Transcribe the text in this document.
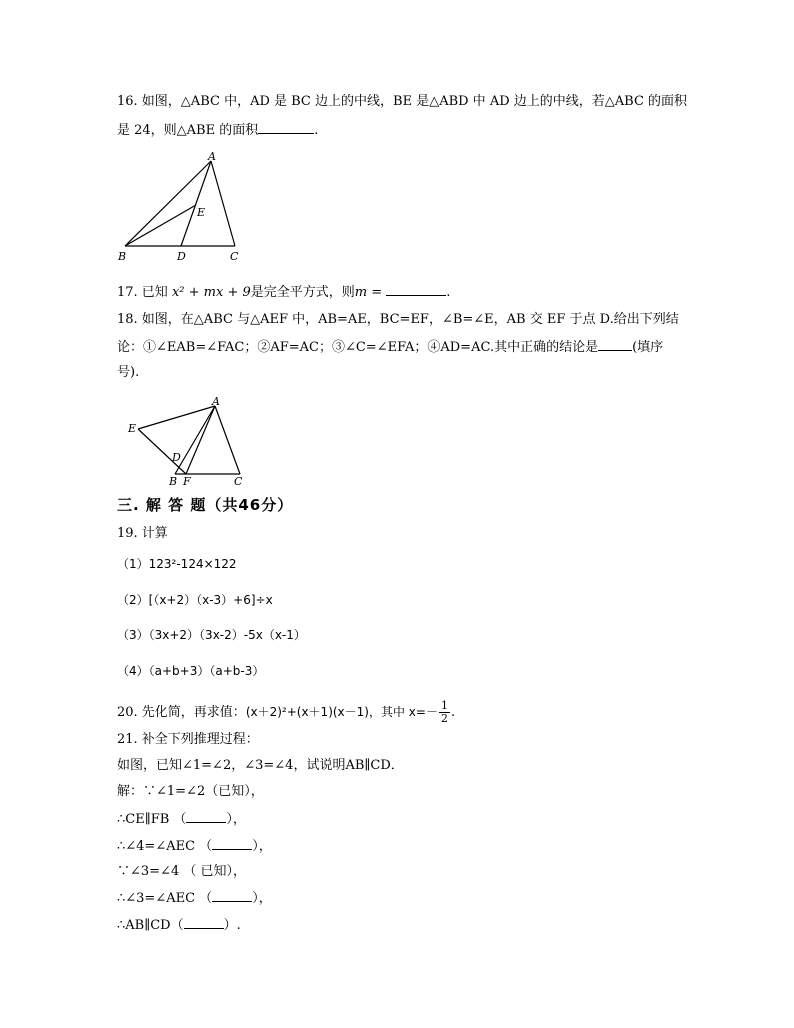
16. 如图，△ABC 中，AD 是 BC 边上的中线，BE 是△ABD 中 AD 边上的中线，若△ABC 的面积
是 24，则△ABE 的面积	.
A
B	C
D
E
17. 已知 x² + mx + 9是完全平方式，则m =	.
18. 如图，在△ABC 与△AEF 中，AB=AE，BC=EF，∠B=∠E，AB 交 EF 于点 D.给出下列结
论：①∠EAB=∠FAC；②AF=AC；③∠C=∠EFA；④AD=AC.其中正确的结论是	(填序
号).
A
E
D
B F	C
三. 解 答 题（共46分）
19. 计算
（1）123²-124×122
（2）[（x+2）（x-3）+6]÷x
（3）（3x+2）（3x-2）-5x（x-1）
（4）（a+b+3）（a+b-3）
20. 先化简，再求值：(x＋2)²+(x＋1)(x－1)，其中 $x=- \frac{1}{2}$ .
21. 补全下列推理过程：
如图，已知∠1=∠2，∠3=∠4，试说明AB∥CD．
解：∵∠1=∠2（已知），
∴CE∥FB （	），
∴∠4=∠AEC （	），
∵∠3=∠4 （ 已知），
∴∠3=∠AEC （	），
∴AB∥CD（	）.
